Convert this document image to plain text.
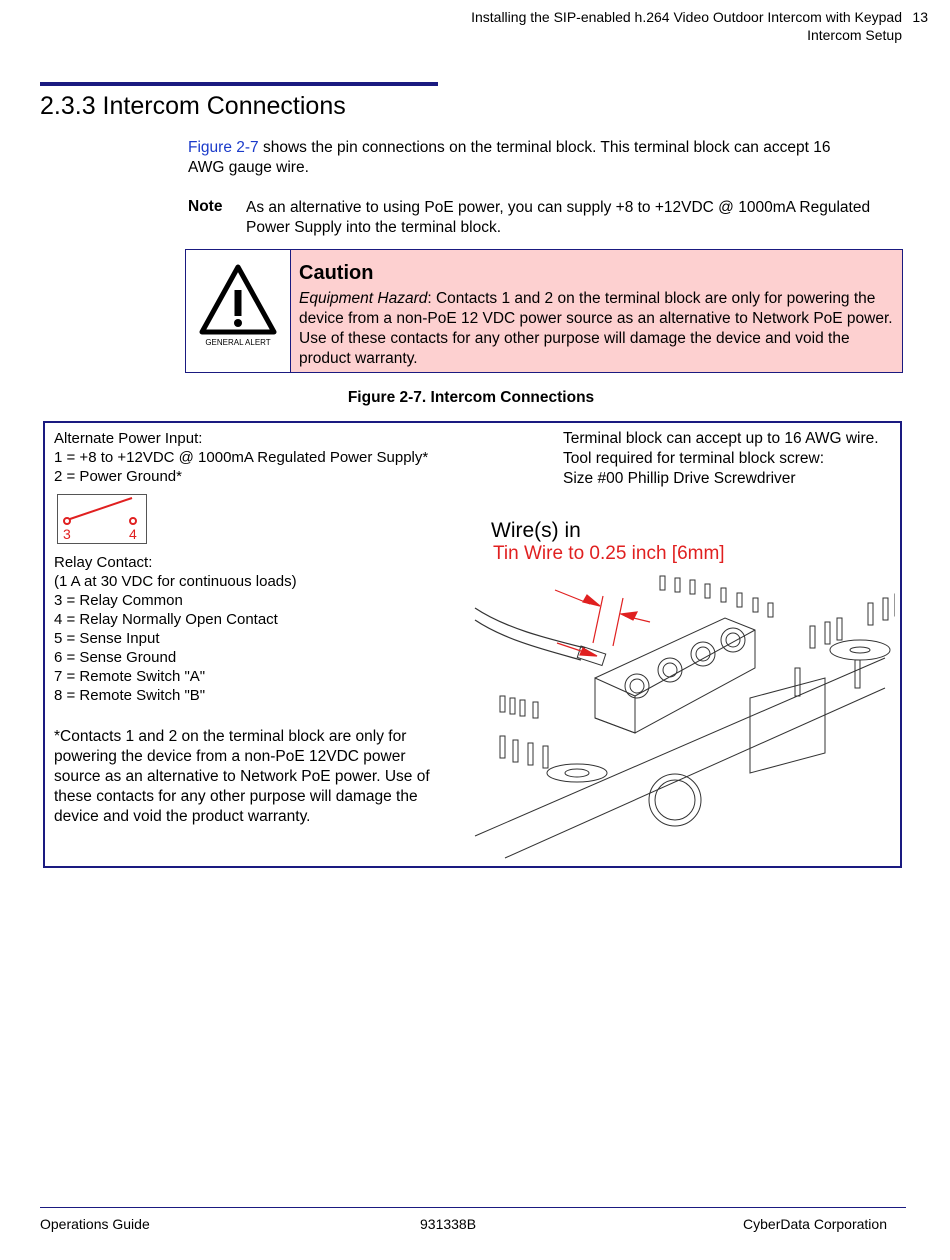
Installing the SIP-enabled h.264 Video Outdoor Intercom with Keypad
Intercom Setup
13
2.3.3 Intercom Connections
Figure 2-7 shows the pin connections on the terminal block. This terminal block can accept 16 AWG gauge wire.
Note As an alternative to using PoE power, you can supply +8 to +12VDC @ 1000mA Regulated Power Supply into the terminal block.
GENERAL ALERT
Caution
Equipment Hazard: Contacts 1 and 2 on the terminal block are only for powering the device from a non-PoE 12 VDC power source as an alternative to Network PoE power. Use of these contacts for any other purpose will damage the device and void the product warranty.
Figure 2-7. Intercom Connections
Alternate Power Input:
1 = +8 to +12VDC @ 1000mA Regulated Power Supply*
2 = Power Ground*
3	4
Relay Contact:
(1 A at 30 VDC for continuous loads)
3 = Relay Common
4 = Relay Normally Open Contact
5 = Sense Input
6 = Sense Ground
7 = Remote Switch "A"
8 = Remote Switch "B"
*Contacts 1 and 2 on the terminal block are only for powering the device from a non-PoE 12VDC power source as an alternative to Network PoE power. Use of these contacts for any other purpose will damage the device and void the product warranty.
Terminal block can accept up to 16 AWG wire.
Tool required for terminal block screw:
Size #00 Phillip Drive Screwdriver
Wire(s) in
Tin Wire to 0.25 inch [6mm]
Operations Guide	931338B	CyberData Corporation
